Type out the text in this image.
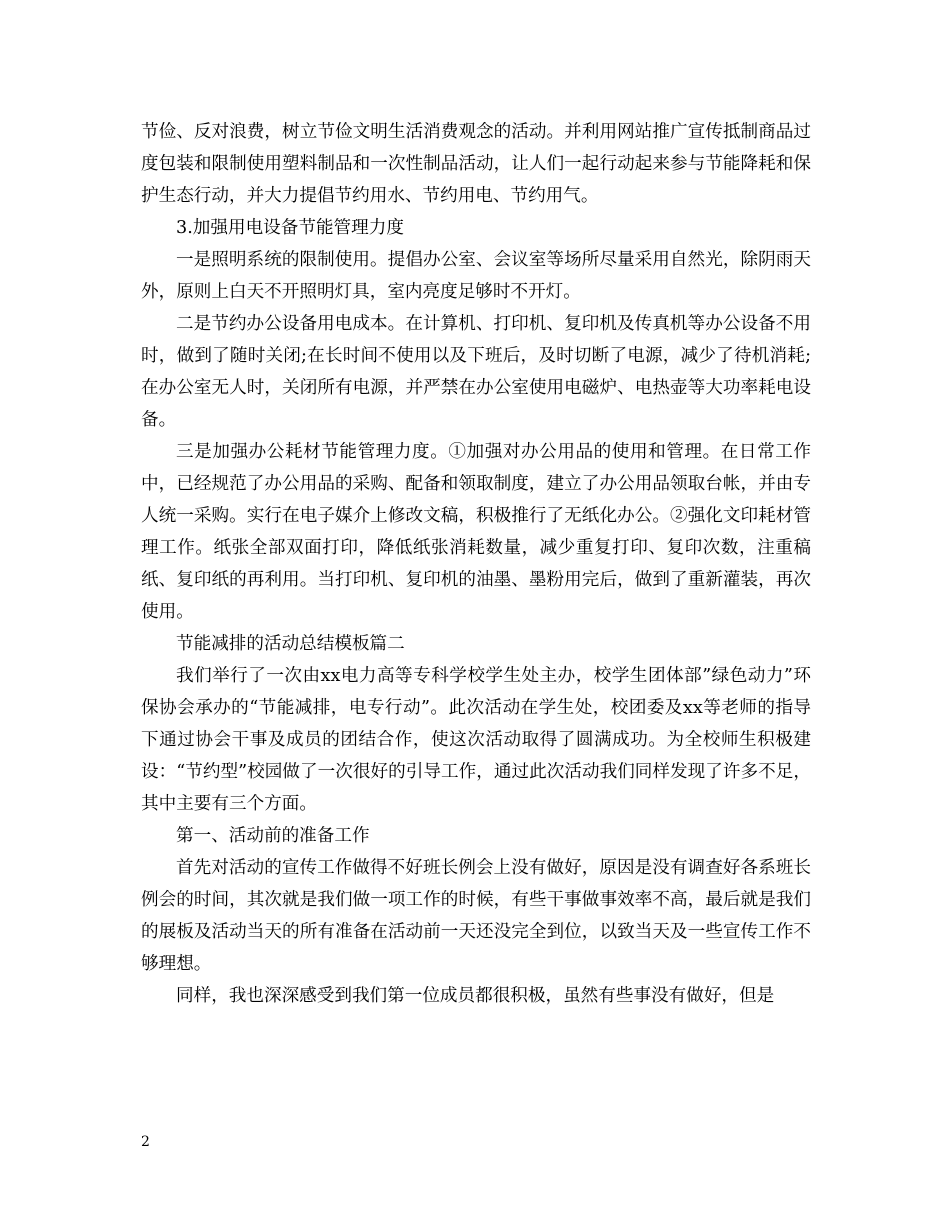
节俭、反对浪费，树立节俭文明生活消费观念的活动。并利用网站推广宣传抵制商品过度包装和限制使用塑料制品和一次性制品活动，让人们一起行动起来参与节能降耗和保护生态行动，并大力提倡节约用水、节约用电、节约用气。

3.加强用电设备节能管理力度

一是照明系统的限制使用。提倡办公室、会议室等场所尽量采用自然光，除阴雨天外，原则上白天不开照明灯具，室内亮度足够时不开灯。

二是节约办公设备用电成本。在计算机、打印机、复印机及传真机等办公设备不用时，做到了随时关闭;在长时间不使用以及下班后，及时切断了电源，减少了待机消耗;在办公室无人时，关闭所有电源，并严禁在办公室使用电磁炉、电热壶等大功率耗电设备。

三是加强办公耗材节能管理力度。①加强对办公用品的使用和管理。在日常工作中，已经规范了办公用品的采购、配备和领取制度，建立了办公用品领取台帐，并由专人统一采购。实行在电子媒介上修改文稿，积极推行了无纸化办公。②强化文印耗材管理工作。纸张全部双面打印，降低纸张消耗数量，减少重复打印、复印次数，注重稿纸、复印纸的再利用。当打印机、复印机的油墨、墨粉用完后，做到了重新灌装，再次使用。

节能减排的活动总结模板篇二

我们举行了一次由xx电力高等专科学校学生处主办，校学生团体部”绿色动力”环保协会承办的“节能减排，电专行动”。此次活动在学生处，校团委及xx等老师的指导下通过协会干事及成员的团结合作，使这次活动取得了圆满成功。为全校师生积极建设：“节约型”校园做了一次很好的引导工作，通过此次活动我们同样发现了许多不足，其中主要有三个方面。

第一、活动前的准备工作

首先对活动的宣传工作做得不好班长例会上没有做好，原因是没有调查好各系班长例会的时间，其次就是我们做一项工作的时候，有些干事做事效率不高，最后就是我们的展板及活动当天的所有准备在活动前一天还没完全到位，以致当天及一些宣传工作不够理想。

同样，我也深深感受到我们第一位成员都很积极，虽然有些事没有做好，但是

2
